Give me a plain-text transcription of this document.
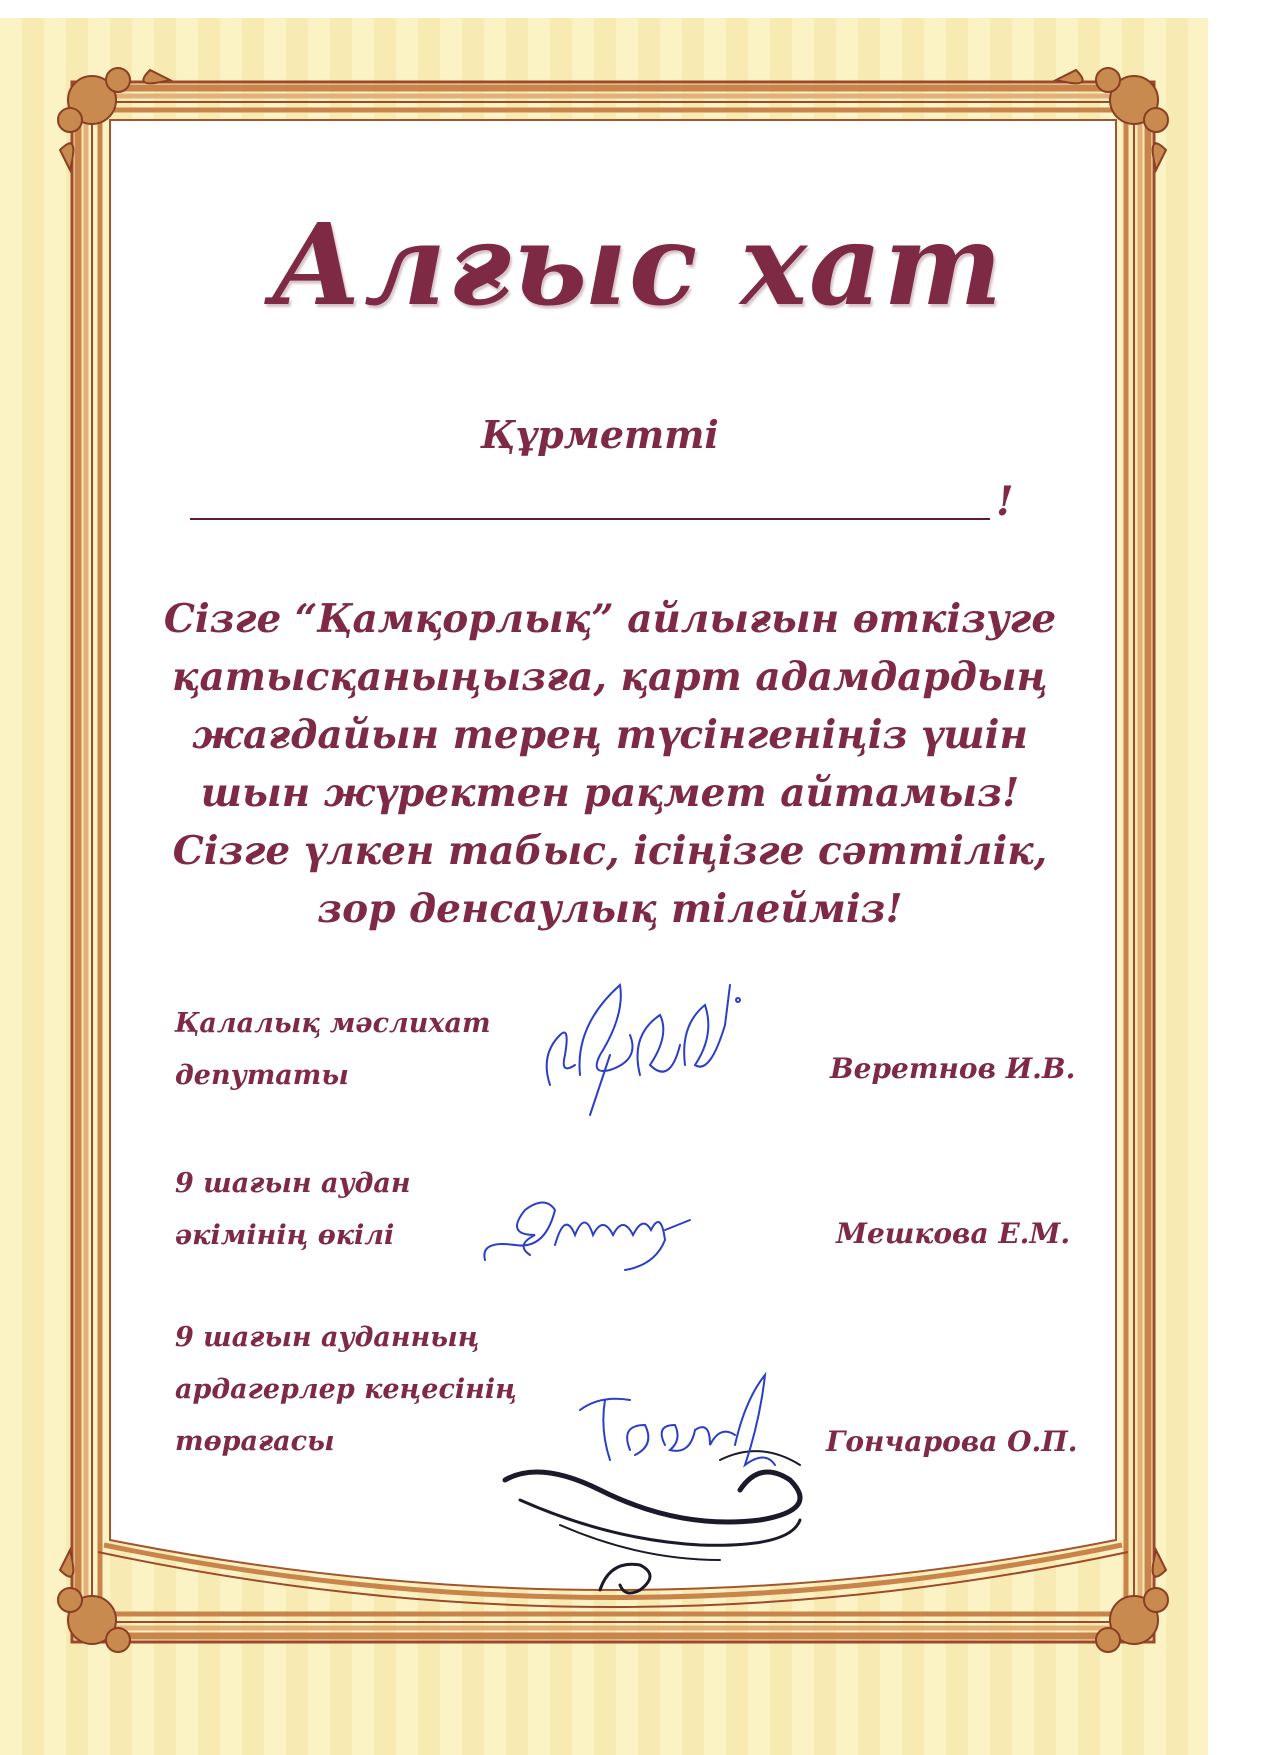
Алғыс хат
Құрметті
!
Сізге “Қамқорлық” айлығын өткізуге
қатысқаныңызға, қарт адамдардың
жағдайын терең түсінгеніңіз үшін
шын жүректен рақмет айтамыз!
Сізге үлкен табыс, ісіңізге сәттілік,
зор денсаулық тілейміз!
Қалалық мәслихат
депутаты	Веретнов И.В.
9 шағын аудан
әкімінің өкілі	Мешкова Е.М.
9 шағын ауданның
ардагерлер кеңесінің
төрағасы	Гончарова О.П.
